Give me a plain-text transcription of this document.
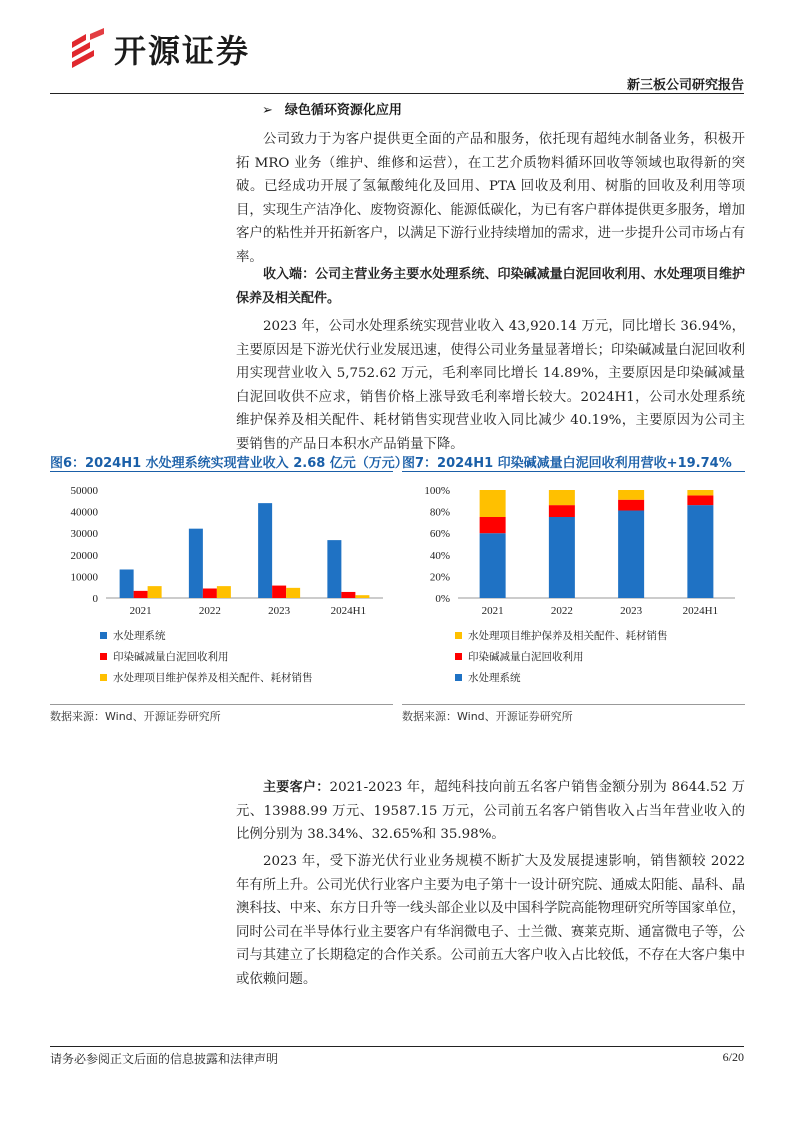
开源证券
新三板公司研究报告
➢ 绿色循环资源化应用

公司致力于为客户提供更全面的产品和服务，依托现有超纯水制备业务，积极开拓 MRO 业务（维护、维修和运营），在工艺介质物料循环回收等领域也取得新的突破。已经成功开展了氢氟酸纯化及回用、PTA 回收及利用、树脂的回收及利用等项目，实现生产洁净化、废物资源化、能源低碳化，为已有客户群体提供更多服务，增加客户的粘性并开拓新客户，以满足下游行业持续增加的需求，进一步提升公司市场占有率。

收入端：公司主营业务主要水处理系统、印染碱减量白泥回收利用、水处理项目维护保养及相关配件。

2023 年，公司水处理系统实现营业收入 43,920.14 万元，同比增长 36.94%，主要原因是下游光伏行业发展迅速，使得公司业务量显著增长；印染碱减量白泥回收利用实现营业收入 5,752.62 万元，毛利率同比增长 14.89%，主要原因是印染碱减量白泥回收供不应求，销售价格上涨导致毛利率增长较大。2024H1，公司水处理系统维护保养及相关配件、耗材销售实现营业收入同比减少 40.19%，主要原因为公司主要销售的产品日本积水产品销量下降。

图6：2024H1 水处理系统实现营业收入 2.68 亿元（万元）
0
10000
20000
30000
40000
50000
2021	2022	2023	2024H1
水处理系统
印染碱减量白泥回收利用
水处理项目维护保养及相关配件、耗材销售
数据来源：Wind、开源证券研究所
图7：2024H1 印染碱减量白泥回收利用营收+19.74%
0%
20%
40%
60%
80%
100%
2021	2022	2023	2024H1
水处理项目维护保养及相关配件、耗材销售
印染碱减量白泥回收利用
水处理系统
数据来源：Wind、开源证券研究所

主要客户：2021-2023 年，超纯科技向前五名客户销售金额分别为 8644.52 万元、13988.99 万元、19587.15 万元，公司前五名客户销售收入占当年营业收入的比例分别为 38.34%、32.65%和 35.98%。

2023 年，受下游光伏行业业务规模不断扩大及发展提速影响，销售额较 2022 年有所上升。公司光伏行业客户主要为电子第十一设计研究院、通威太阳能、晶科、晶澳科技、中来、东方日升等一线头部企业以及中国科学院高能物理研究所等国家单位，同时公司在半导体行业主要客户有华润微电子、士兰微、赛莱克斯、通富微电子等，公司与其建立了长期稳定的合作关系。公司前五大客户收入占比较低，不存在大客户集中或依赖问题。

请务必参阅正文后面的信息披露和法律声明	6/20
